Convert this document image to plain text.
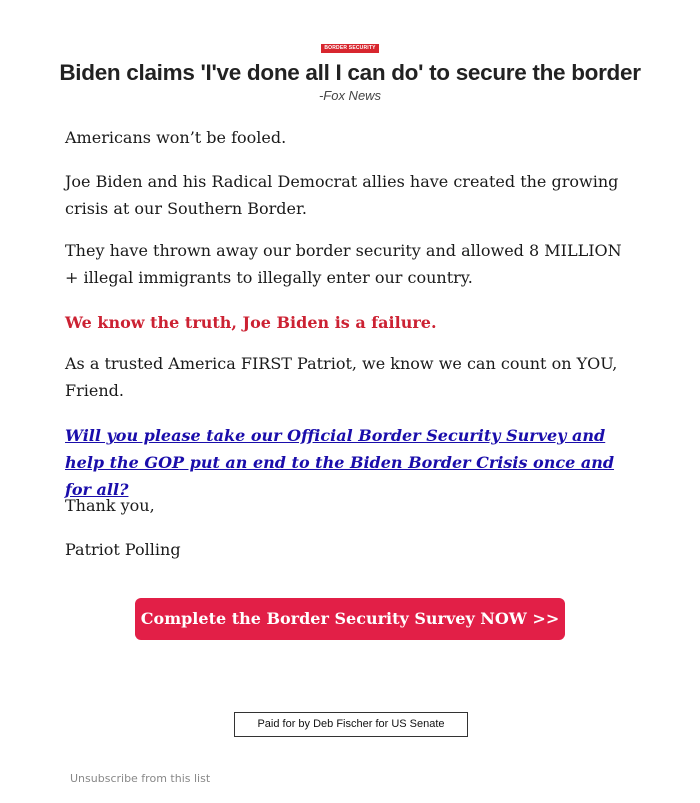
BORDER SECURITY
Biden claims 'I've done all I can do' to secure the border
-Fox News

Americans won’t be fooled.

Joe Biden and his Radical Democrat allies have created the growing crisis at our Southern Border.

They have thrown away our border security and allowed 8 MILLION + illegal immigrants to illegally enter our country.

We know the truth, Joe Biden is a failure.

As a trusted America FIRST Patriot, we know we can count on YOU, Friend.

Will you please take our Official Border Security Survey and help the GOP put an end to the Biden Border Crisis once and for all?

Thank you,

Patriot Polling

Complete the Border Security Survey NOW >>
Paid for by Deb Fischer for US Senate
Unsubscribe from this list
